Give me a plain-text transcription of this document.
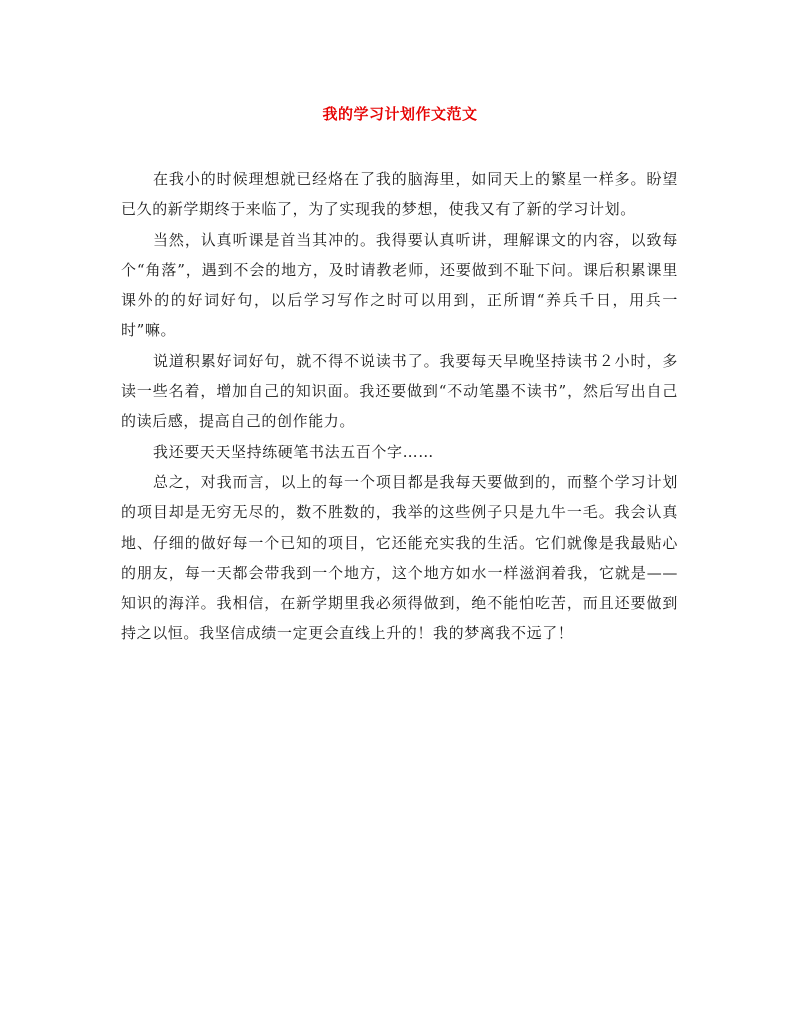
我的学习计划作文范文

在我小的时候理想就已经烙在了我的脑海里，如同天上的繁星一样多。盼望已久的新学期终于来临了，为了实现我的梦想，使我又有了新的学习计划。

当然，认真听课是首当其冲的。我得要认真听讲，理解课文的内容，以致每个“角落”，遇到不会的地方，及时请教老师，还要做到不耻下问。课后积累课里课外的的好词好句，以后学习写作之时可以用到，正所谓“养兵千日，用兵一时”嘛。

说道积累好词好句，就不得不说读书了。我要每天早晚坚持读书２小时，多读一些名着，增加自己的知识面。我还要做到“不动笔墨不读书”，然后写出自己的读后感，提高自己的创作能力。

我还要天天坚持练硬笔书法五百个字……

总之，对我而言，以上的每一个项目都是我每天要做到的，而整个学习计划的项目却是无穷无尽的，数不胜数的，我举的这些例子只是九牛一毛。我会认真地、仔细的做好每一个已知的项目，它还能充实我的生活。它们就像是我最贴心的朋友，每一天都会带我到一个地方，这个地方如水一样滋润着我，它就是——知识的海洋。我相信，在新学期里我必须得做到，绝不能怕吃苦，而且还要做到持之以恒。我坚信成绩一定更会直线上升的！我的梦离我不远了！
